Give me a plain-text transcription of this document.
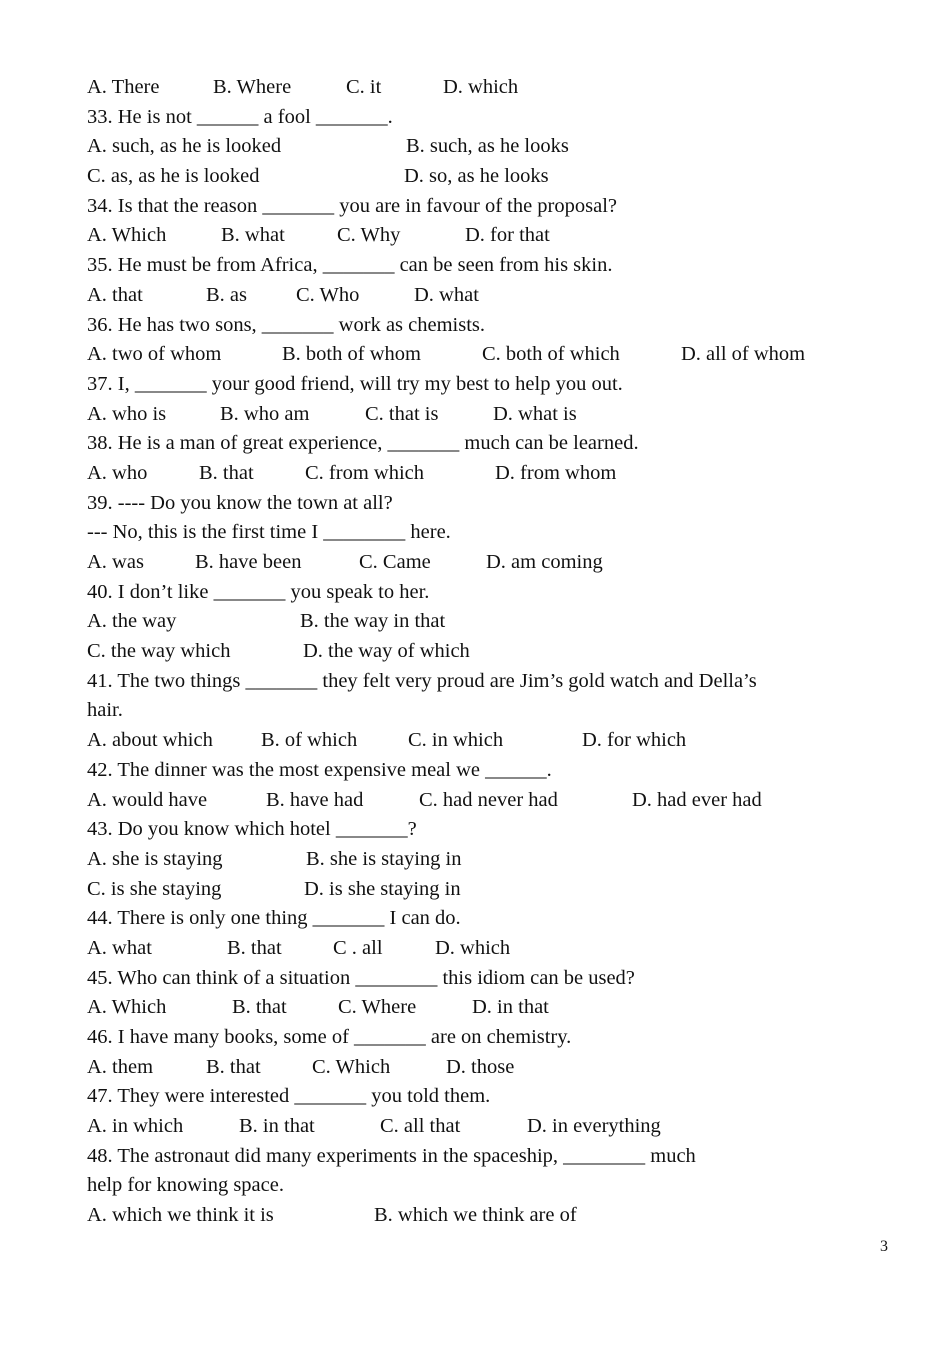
A. There	B. Where	C. it	D. which
33. He is not ______ a fool _______.
A. such, as he is looked	B. such, as he looks
C. as, as he is looked	D. so, as he looks
34. Is that the reason _______ you are in favour of the proposal?
A. Which	B. what	C. Why	D. for that
35. He must be from Africa, _______ can be seen from his skin.
A. that	B. as C. Who	D. what
36. He has two sons, _______ work as chemists.
A. two of whom	B. both of whom	C. both of which	D. all of whom
37. I, _______ your good friend, will try my best to help you out.
A. who is	B. who am	C. that is	D. what is
38. He is a man of great experience, _______ much can be learned.
A. who	B. that	C. from which	D. from whom
39. ---- Do you know the town at all?
--- No, this is the first time I ________ here.
A. was B. have been	C. Came	D. am coming
40. I don’t like _______ you speak to her.
A. the way	B. the way in that
C. the way which	D. the way of which
41. The two things _______ they felt very proud are Jim’s gold watch and Della’s
hair.
A. about which B. of which C. in which	D. for which
42. The dinner was the most expensive meal we ______.
A. would have	B. have had	C. had never had	D. had ever had
43. Do you know which hotel _______?
A. she is staying	B. she is staying in
C. is she staying	D. is she staying in
44. There is only one thing _______ I can do.
A. what	B. that	C . all	D. which
45. Who can think of a situation ________ this idiom can be used?
A. Which	B. that	C. Where	D. in that
46. I have many books, some of _______ are on chemistry.
A. them	B. that	C. Which	D. those
47. They were interested _______ you told them.
A. in which	B. in that	C. all that	D. in everything
48. The astronaut did many experiments in the spaceship, ________ much
help for knowing space.
A. which we think it is	B. which we think are of
3
